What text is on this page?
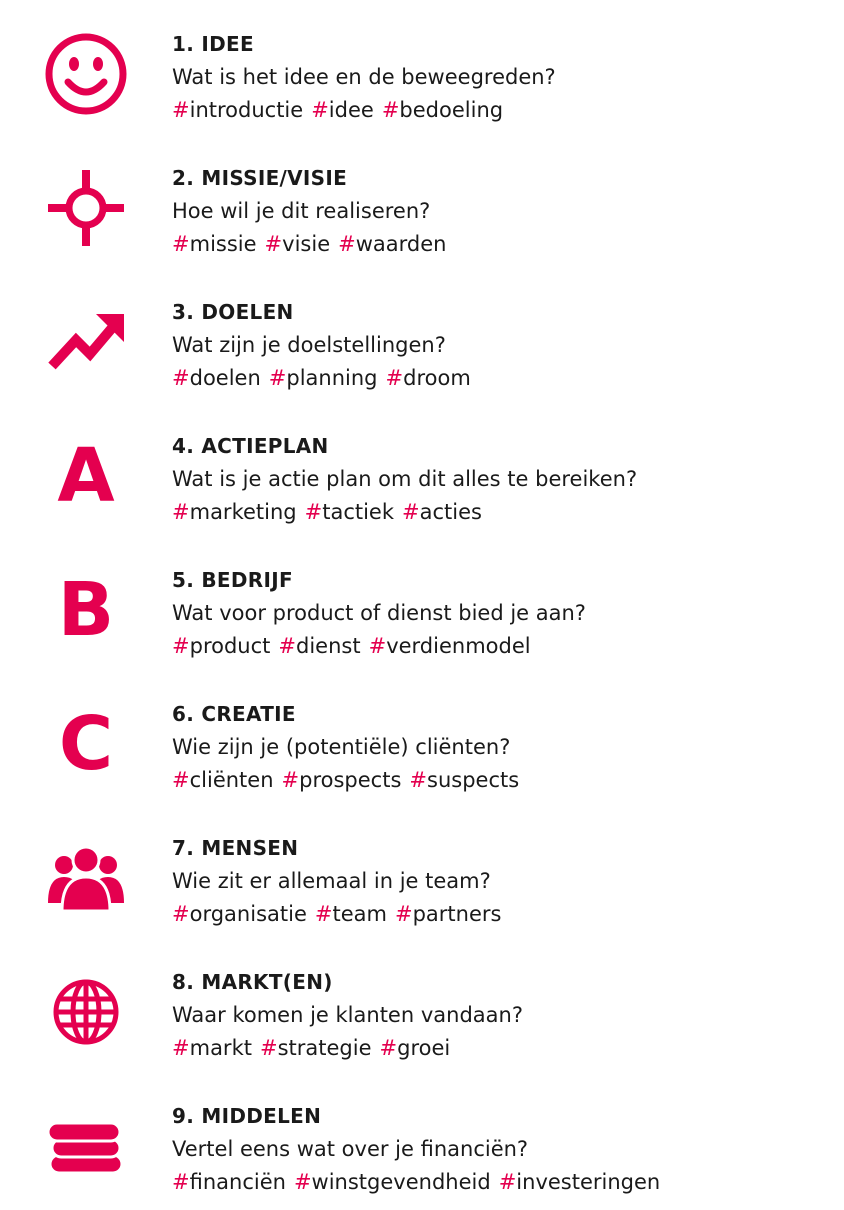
1. IDEE
Wat is het idee en de beweegreden?
#introductie #idee #bedoeling
2. MISSIE/VISIE
Hoe wil je dit realiseren?
#missie #visie #waarden
3. DOELEN
Wat zijn je doelstellingen?
#doelen #planning #droom
A	4. ACTIEPLAN
Wat is je actie plan om dit alles te bereiken?
#marketing #tactiek #acties
B	5. BEDRIJF
Wat voor product of dienst bied je aan?
#product #dienst #verdienmodel
C	6. CREATIE
Wie zijn je (potentiële) cliënten?
#cliënten #prospects #suspects
7. MENSEN
Wie zit er allemaal in je team?
#organisatie #team #partners
8. MARKT(EN)
Waar komen je klanten vandaan?
#markt #strategie #groei
9. MIDDELEN
Vertel eens wat over je financiën?
#financiën #winstgevendheid #investeringen
